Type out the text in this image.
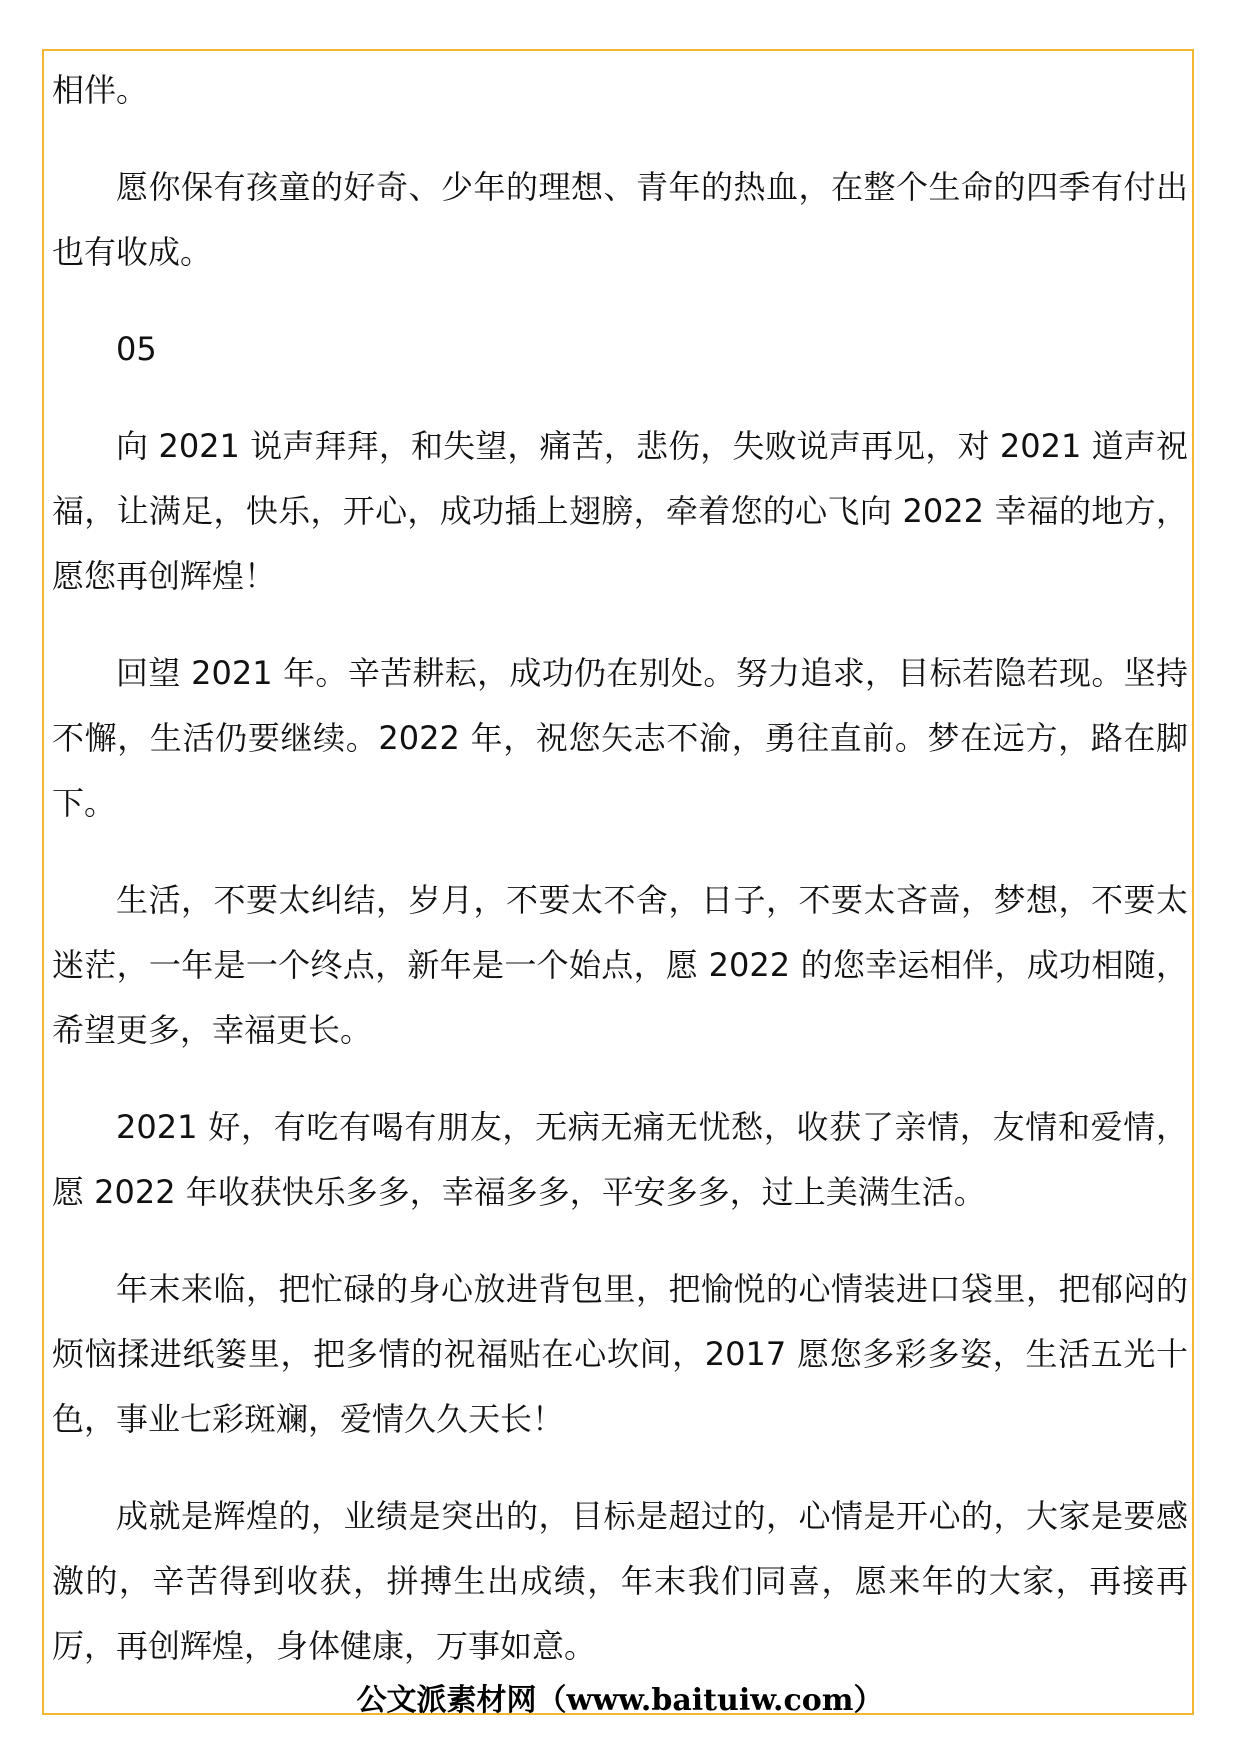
相伴。

愿你保有孩童的好奇、少年的理想、青年的热血，在整个生命的四季有付出也有收成。

05

向 2021 说声拜拜，和失望，痛苦，悲伤，失败说声再见，对 2021 道声祝福，让满足，快乐，开心，成功插上翅膀，牵着您的心飞向 2022 幸福的地方，愿您再创辉煌！

回望 2021 年。辛苦耕耘，成功仍在别处。努力追求，目标若隐若现。坚持不懈，生活仍要继续。2022 年，祝您矢志不渝，勇往直前。梦在远方，路在脚下。

生活，不要太纠结，岁月，不要太不舍，日子，不要太吝啬，梦想，不要太迷茫，一年是一个终点，新年是一个始点，愿 2022 的您幸运相伴，成功相随，希望更多，幸福更长。

2021 好，有吃有喝有朋友，无病无痛无忧愁，收获了亲情，友情和爱情，愿 2022 年收获快乐多多，幸福多多，平安多多，过上美满生活。

年末来临，把忙碌的身心放进背包里，把愉悦的心情装进口袋里，把郁闷的烦恼揉进纸篓里，把多情的祝福贴在心坎间，2017 愿您多彩多姿，生活五光十色，事业七彩斑斓，爱情久久天长！

成就是辉煌的，业绩是突出的，目标是超过的，心情是开心的，大家是要感激的，辛苦得到收获，拼搏生出成绩，年末我们同喜，愿来年的大家，再接再厉，再创辉煌，身体健康，万事如意。

公文派素材网（www.baituiw.com）
